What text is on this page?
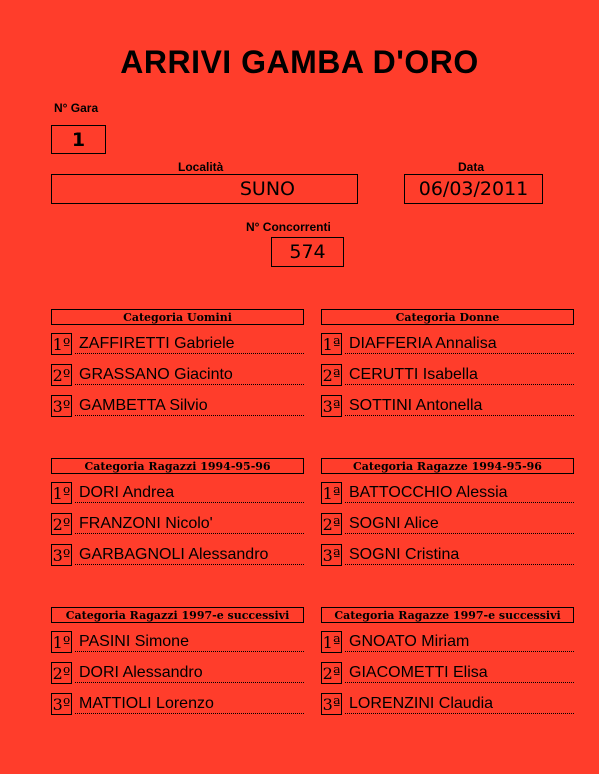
ARRIVI GAMBA D'ORO
N° Gara
1
Località
SUNO
Data
06/03/2011
N° Concorrenti
574
Categoria Uomini
1º ZAFFIRETTI Gabriele
2º GRASSANO Giacinto
3º GAMBETTA Silvio
Categoria Donne
1ª DIAFFERIA Annalisa
2ª CERUTTI Isabella
3ª SOTTINI Antonella
Categoria Ragazzi 1994-95-96
1º DORI Andrea
2º FRANZONI Nicolo'
3º GARBAGNOLI Alessandro
Categoria Ragazze 1994-95-96
1ª BATTOCCHIO Alessia
2ª SOGNI Alice
3ª SOGNI Cristina
Categoria Ragazzi 1997-e successivi
1º PASINI Simone
2º DORI Alessandro
3º MATTIOLI Lorenzo
Categoria Ragazze 1997-e successivi
1ª GNOATO Miriam
2ª GIACOMETTI Elisa
3ª LORENZINI Claudia
